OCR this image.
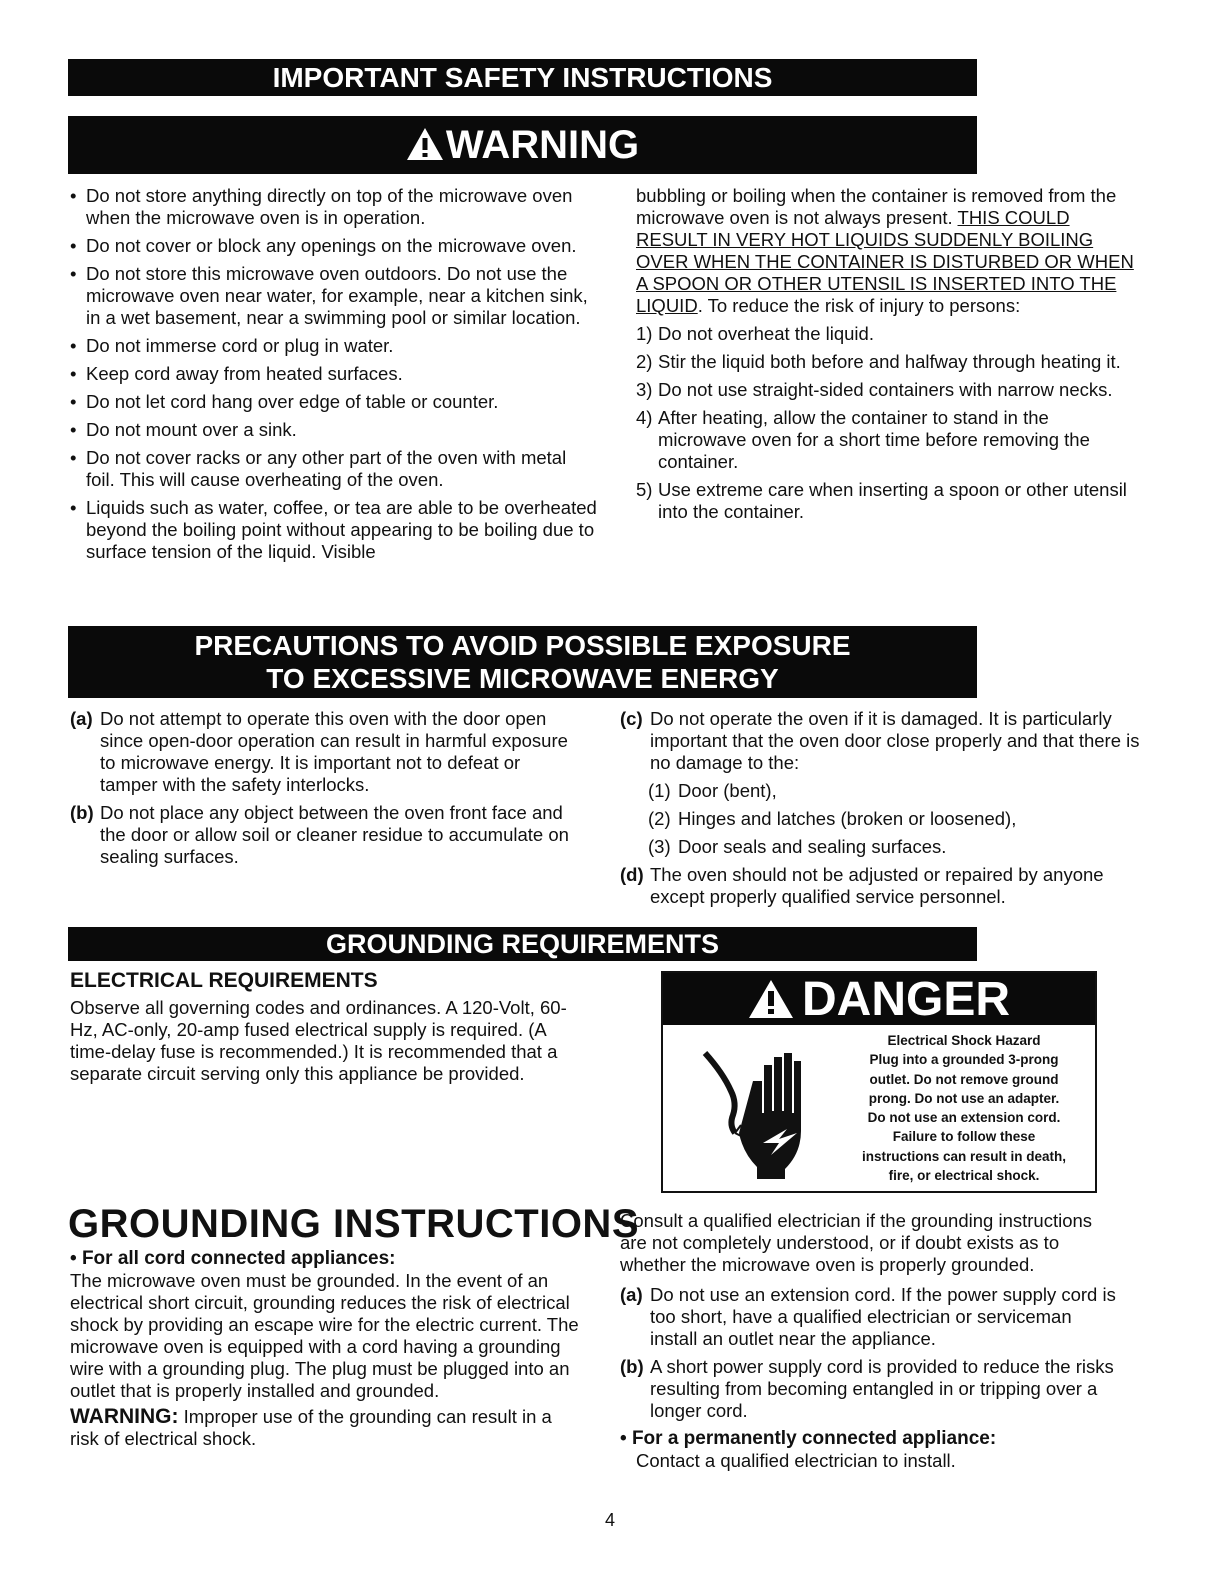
IMPORTANT SAFETY INSTRUCTIONS
WARNING
• Do not store anything directly on top of the microwave oven when the microwave oven is in operation.
• Do not cover or block any openings on the microwave oven.
• Do not store this microwave oven outdoors. Do not use the microwave oven near water, for example, near a kitchen sink, in a wet basement, near a swimming pool or similar location.
• Do not immerse cord or plug in water.
• Keep cord away from heated surfaces.
• Do not let cord hang over edge of table or counter.
• Do not mount over a sink.
• Do not cover racks or any other part of the oven with metal foil. This will cause overheating of the oven.
• Liquids such as water, coffee, or tea are able to be overheated beyond the boiling point without appearing to be boiling due to surface tension of the liquid. Visible

bubbling or boiling when the container is removed from the microwave oven is not always present. THIS COULD RESULT IN VERY HOT LIQUIDS SUDDENLY BOILING OVER WHEN THE CONTAINER IS DISTURBED OR WHEN A SPOON OR OTHER UTENSIL IS INSERTED INTO THE LIQUID. To reduce the risk of injury to persons:

1) Do not overheat the liquid.
2) Stir the liquid both before and halfway through heating it.
3) Do not use straight-sided containers with narrow necks.
4) After heating, allow the container to stand in the microwave oven for a short time before removing the container.
5) Use extreme care when inserting a spoon or other utensil into the container.
PRECAUTIONS TO AVOID POSSIBLE EXPOSURE
TO EXCESSIVE MICROWAVE ENERGY
(a) Do not attempt to operate this oven with the door open since open-door operation can result in harmful exposure to microwave energy. It is important not to defeat or tamper with the safety interlocks.
(b) Do not place any object between the oven front face and the door or allow soil or cleaner residue to accumulate on sealing surfaces.
(c) Do not operate the oven if it is damaged. It is particularly important that the oven door close properly and that there is no damage to the:
(1) Door (bent),
(2) Hinges and latches (broken or loosened),
(3) Door seals and sealing surfaces.
(d) The oven should not be adjusted or repaired by anyone except properly qualified service personnel.
GROUNDING REQUIREMENTS
ELECTRICAL REQUIREMENTS

Observe all governing codes and ordinances. A 120-Volt, 60-Hz, AC-only, 20-amp fused electrical supply is required. (A time-delay fuse is recommended.) It is recommended that a separate circuit serving only this appliance be provided.

DANGER
Electrical Shock Hazard
Plug into a grounded 3-prong
outlet. Do not remove ground
prong. Do not use an adapter.
Do not use an extension cord.
Failure to follow these
instructions can result in death,
fire, or electrical shock.
GROUNDING INSTRUCTIONS
• For all cord connected appliances:

The microwave oven must be grounded. In the event of an electrical short circuit, grounding reduces the risk of electrical shock by providing an escape wire for the electric current. The microwave oven is equipped with a cord having a grounding wire with a grounding plug. The plug must be plugged into an outlet that is properly installed and grounded.

WARNING: Improper use of the grounding can result in a risk of electrical shock.

Consult a qualified electrician if the grounding instructions are not completely understood, or if doubt exists as to whether the microwave oven is properly grounded.

(a) Do not use an extension cord. If the power supply cord is too short, have a qualified electrician or serviceman install an outlet near the appliance.
(b) A short power supply cord is provided to reduce the risks resulting from becoming entangled in or tripping over a longer cord.
• For a permanently connected appliance:

Contact a qualified electrician to install.

4
